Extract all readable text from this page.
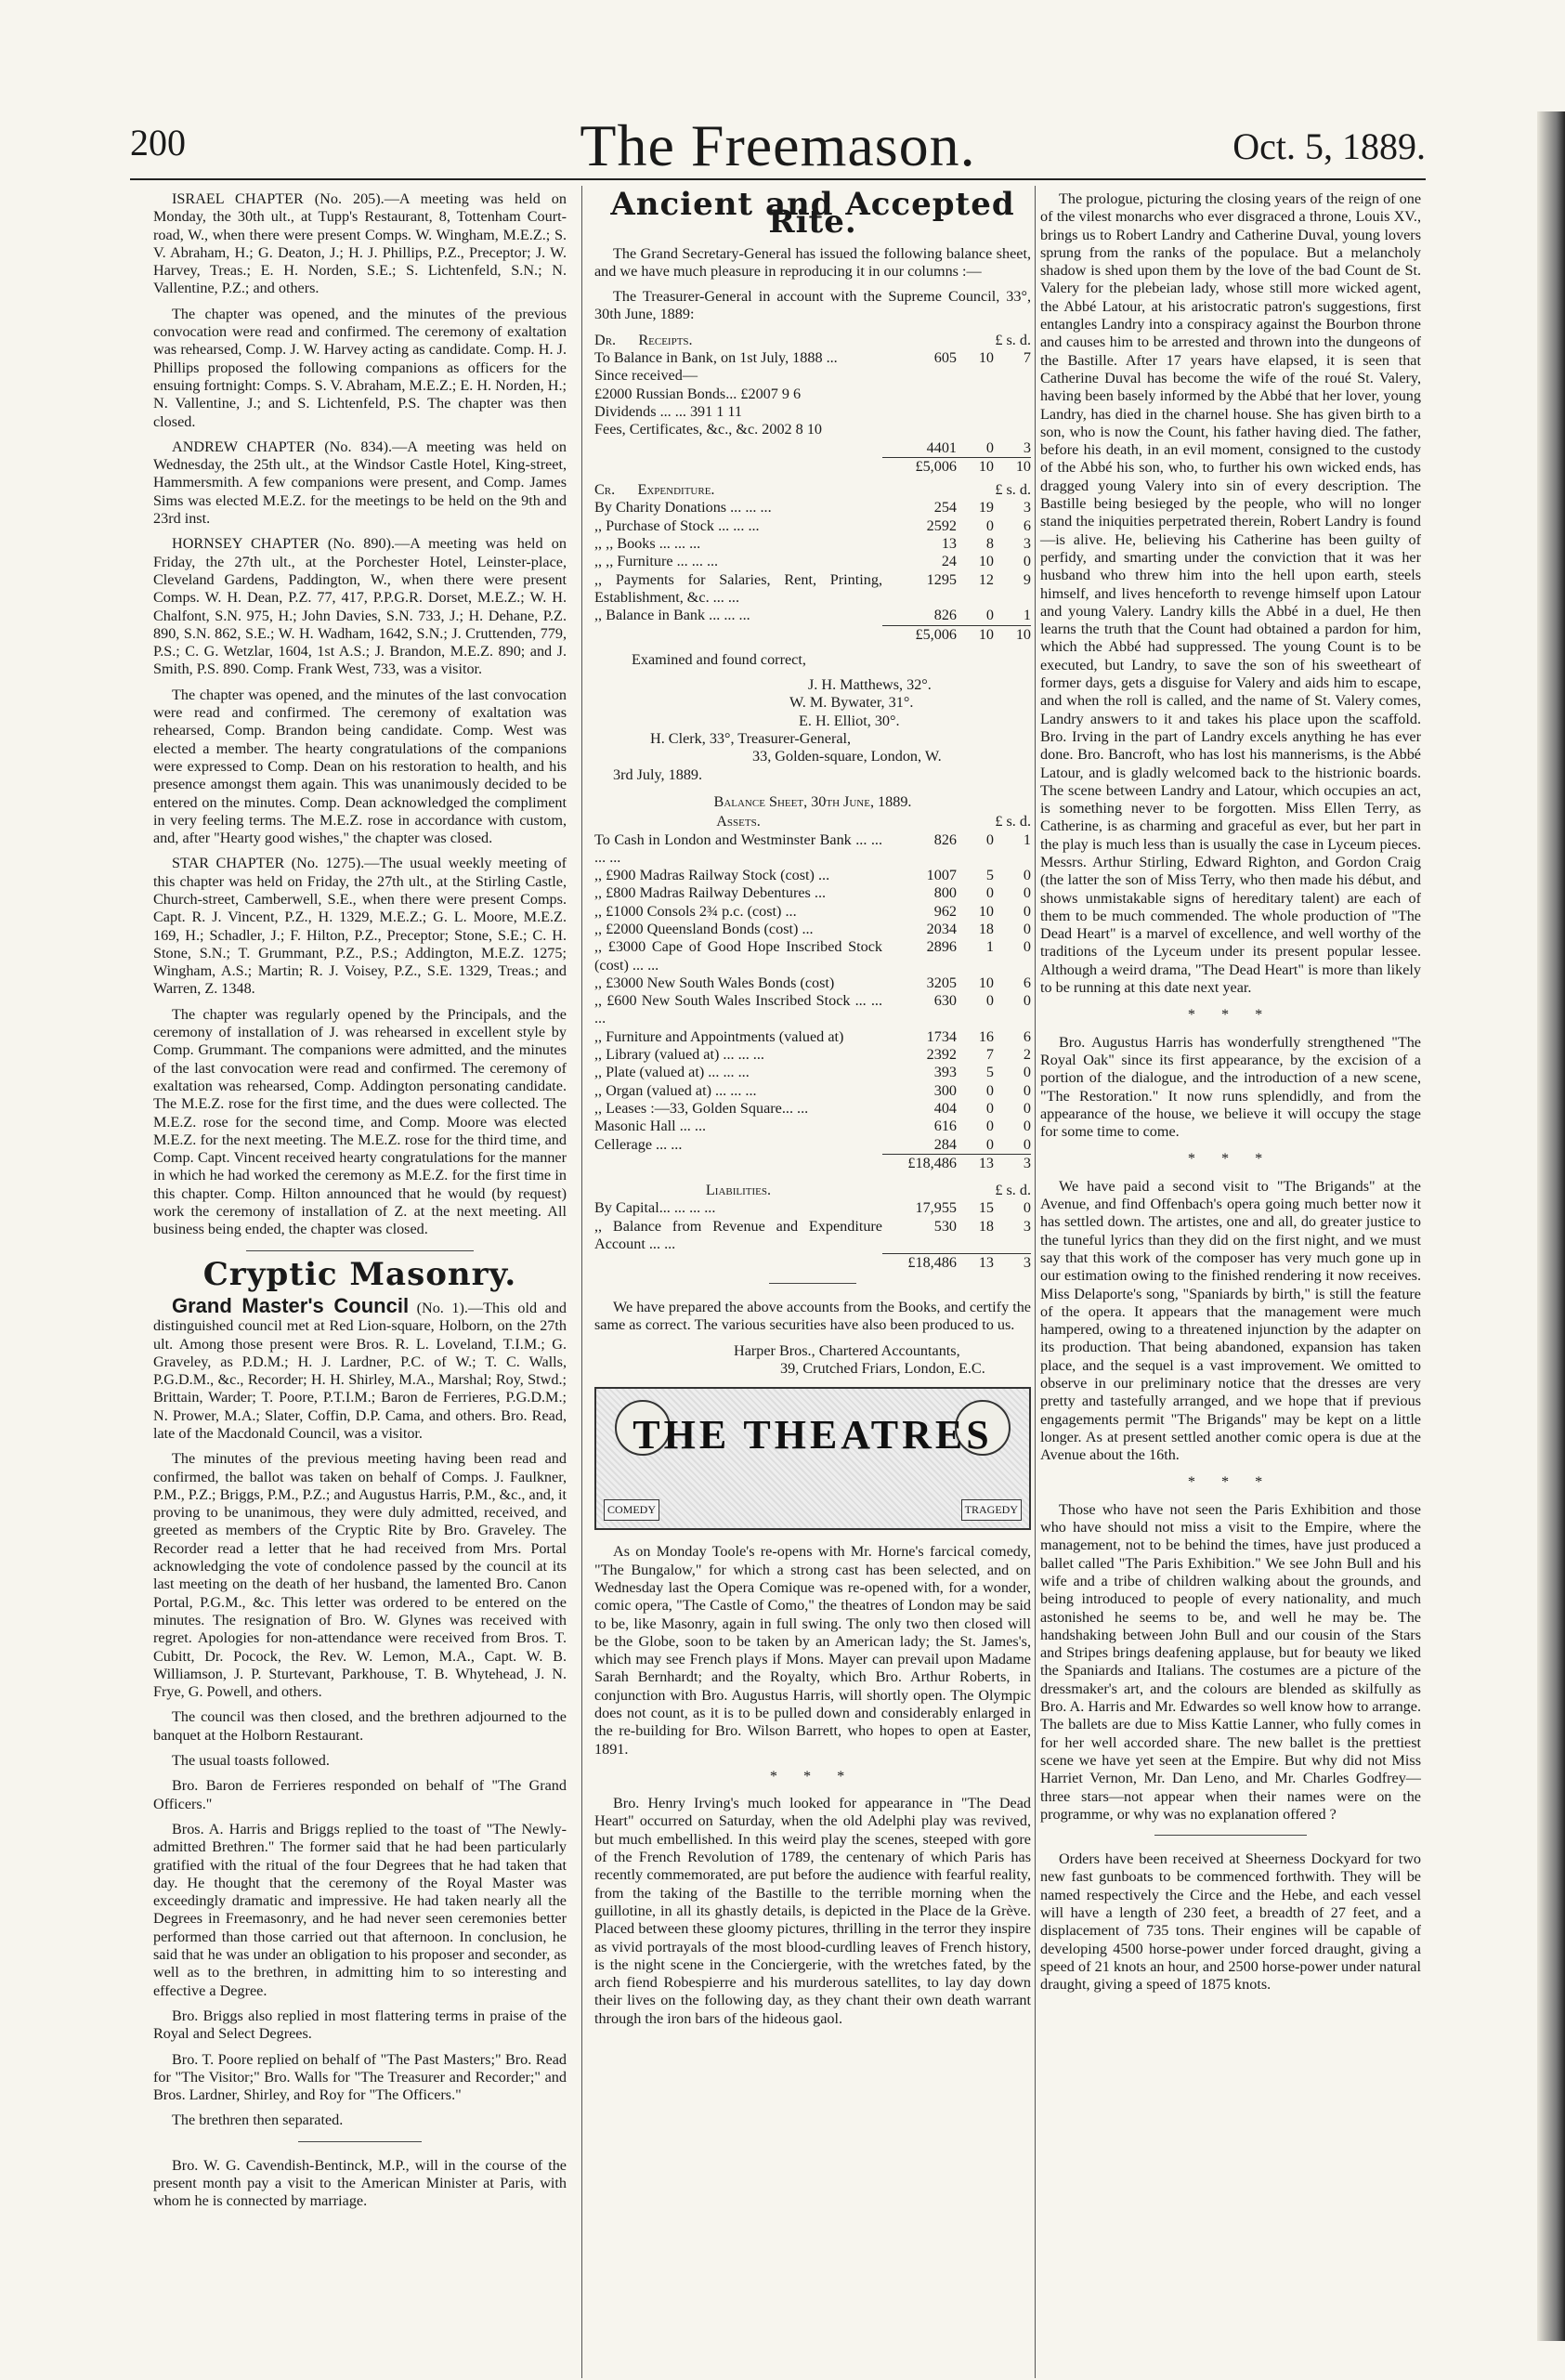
200	The Freemason.	Oct. 5, 1889.

ISRAEL CHAPTER (No. 205).—A meeting was held on Monday, the 30th ult., at Tupp's Restaurant, 8, Tottenham Court-road, W., when there were present Comps. W. Wingham, M.E.Z.; S. V. Abraham, H.; G. Deaton, J.; H. J. Phillips, P.Z., Preceptor; J. W. Harvey, Treas.; E. H. Norden, S.E.; S. Lichtenfeld, S.N.; N. Vallentine, P.Z.; and others.

The chapter was opened, and the minutes of the previous convocation were read and confirmed. The ceremony of exaltation was rehearsed, Comp. J. W. Harvey acting as candidate. Comp. H. J. Phillips proposed the following companions as officers for the ensuing fortnight: Comps. S. V. Abraham, M.E.Z.; E. H. Norden, H.; N. Vallentine, J.; and S. Lichtenfeld, P.S. The chapter was then closed.

ANDREW CHAPTER (No. 834).—A meeting was held on Wednesday, the 25th ult., at the Windsor Castle Hotel, King-street, Hammersmith. A few companions were present, and Comp. James Sims was elected M.E.Z. for the meetings to be held on the 9th and 23rd inst.

HORNSEY CHAPTER (No. 890).—A meeting was held on Friday, the 27th ult., at the Porchester Hotel, Leinster-place, Cleveland Gardens, Paddington, W., when there were present Comps. W. H. Dean, P.Z. 77, 417, P.P.G.R. Dorset, M.E.Z.; W. H. Chalfont, S.N. 975, H.; John Davies, S.N. 733, J.; H. Dehane, P.Z. 890, S.N. 862, S.E.; W. H. Wadham, 1642, S.N.; J. Cruttenden, 779, P.S.; C. G. Wetzlar, 1604, 1st A.S.; J. Brandon, M.E.Z. 890; and J. Smith, P.S. 890. Comp. Frank West, 733, was a visitor.

The chapter was opened, and the minutes of the last convocation were read and confirmed. The ceremony of exaltation was rehearsed, Comp. Brandon being candidate. Comp. West was elected a member. The hearty congratulations of the companions were expressed to Comp. Dean on his restoration to health, and his presence amongst them again. This was unanimously decided to be entered on the minutes. Comp. Dean acknowledged the compliment in very feeling terms. The M.E.Z. rose in accordance with custom, and, after "Hearty good wishes," the chapter was closed.

STAR CHAPTER (No. 1275).—The usual weekly meeting of this chapter was held on Friday, the 27th ult., at the Stirling Castle, Church-street, Camberwell, S.E., when there were present Comps. Capt. R. J. Vincent, P.Z., H. 1329, M.E.Z.; G. L. Moore, M.E.Z. 169, H.; Schadler, J.; F. Hilton, P.Z., Preceptor; Stone, S.E.; C. H. Stone, S.N.; T. Grummant, P.Z., P.S.; Addington, M.E.Z. 1275; Wingham, A.S.; Martin; R. J. Voisey, P.Z., S.E. 1329, Treas.; and Warren, Z. 1348.

The chapter was regularly opened by the Principals, and the ceremony of installation of J. was rehearsed in excellent style by Comp. Grummant. The companions were admitted, and the minutes of the last convocation were read and confirmed. The ceremony of exaltation was rehearsed, Comp. Addington personating candidate. The M.E.Z. rose for the first time, and the dues were collected. The M.E.Z. rose for the second time, and Comp. Moore was elected M.E.Z. for the next meeting. The M.E.Z. rose for the third time, and Comp. Capt. Vincent received hearty congratulations for the manner in which he had worked the ceremony as M.E.Z. for the first time in this chapter. Comp. Hilton announced that he would (by request) work the ceremony of installation of Z. at the next meeting. All business being ended, the chapter was closed.

Cryptic Masonry.

Grand Master's Council (No. 1).—This old and distinguished council met at Red Lion-square, Holborn, on the 27th ult. Among those present were Bros. R. L. Loveland, T.I.M.; G. Graveley, as P.D.M.; H. J. Lardner, P.C. of W.; T. C. Walls, P.G.D.M., &c., Recorder; H. H. Shirley, M.A., Marshal; Roy, Stwd.; Brittain, Warder; T. Poore, P.T.I.M.; Baron de Ferrieres, P.G.D.M.; N. Prower, M.A.; Slater, Coffin, D.P. Cama, and others. Bro. Read, late of the Macdonald Council, was a visitor.

The minutes of the previous meeting having been read and confirmed, the ballot was taken on behalf of Comps. J. Faulkner, P.M., P.Z.; Briggs, P.M., P.Z.; and Augustus Harris, P.M., &c., and, it proving to be unanimous, they were duly admitted, received, and greeted as members of the Cryptic Rite by Bro. Graveley. The Recorder read a letter that he had received from Mrs. Portal acknowledging the vote of condolence passed by the council at its last meeting on the death of her husband, the lamented Bro. Canon Portal, P.G.M., &c. This letter was ordered to be entered on the minutes. The resignation of Bro. W. Glynes was received with regret. Apologies for non-attendance were received from Bros. T. Cubitt, Dr. Pocock, the Rev. W. Lemon, M.A., Capt. W. B. Williamson, J. P. Sturtevant, Parkhouse, T. B. Whytehead, J. N. Frye, G. Powell, and others.

The council was then closed, and the brethren adjourned to the banquet at the Holborn Restaurant.

The usual toasts followed.

Bro. Baron de Ferrieres responded on behalf of "The Grand Officers."

Bros. A. Harris and Briggs replied to the toast of "The Newly-admitted Brethren." The former said that he had been particularly gratified with the ritual of the four Degrees that he had taken that day. He thought that the ceremony of the Royal Master was exceedingly dramatic and impressive. He had taken nearly all the Degrees in Freemasonry, and he had never seen ceremonies better performed than those carried out that afternoon. In conclusion, he said that he was under an obligation to his proposer and seconder, as well as to the brethren, in admitting him to so interesting and effective a Degree.

Bro. Briggs also replied in most flattering terms in praise of the Royal and Select Degrees.

Bro. T. Poore replied on behalf of "The Past Masters;" Bro. Read for "The Visitor;" Bro. Walls for "The Treasurer and Recorder;" and Bros. Lardner, Shirley, and Roy for "The Officers."

The brethren then separated.

Bro. W. G. Cavendish-Bentinck, M.P., will in the course of the present month pay a visit to the American Minister at Paris, with whom he is connected by marriage.

Ancient and Accepted Rite.

The Grand Secretary-General has issued the following balance sheet, and we have much pleasure in reproducing it in our columns :—

The Treasurer-General in account with the Supreme Council, 33°, 30th June, 1889:

Dr. Receipts.	£ s. d.		
To Balance in Bank, on 1st July, 1888 ...	605	10	7
Since received—			
£2000 Russian Bonds... £2007 9 6			
Dividends ... ... 391 1 11			
Fees, Certificates, &c., &c. 2002 8 10			
	4401	0	3
	£5,006	10	10
Cr. Expenditure.	£ s. d.		
By Charity Donations ... ... ...	254	19	3
,, Purchase of Stock ... ... ...	2592	0	6
,, ,, Books ... ... ...	13	8	3
,, ,, Furniture ... ... ...	24	10	0
,, Payments for Salaries, Rent, Printing, Establishment, &c. ... ...	1295	12	9
,, Balance in Bank ... ... ...	826	0	1
	£5,006	10	10

Examined and found correct,

J. H. Matthews, 32°.

W. M. Bywater, 31°.

E. H. Elliot, 30°.

H. Clerk, 33°, Treasurer-General,

33, Golden-square, London, W.

3rd July, 1889.

Balance Sheet, 30th June, 1889.

Assets.	£ s. d.		
To Cash in London and Westminster Bank ... ... ... ...	826	0	1
,, £900 Madras Railway Stock (cost) ...	1007	5	0
,, £800 Madras Railway Debentures ...	800	0	0
,, £1000 Consols 2¾ p.c. (cost) ...	962	10	0
,, £2000 Queensland Bonds (cost) ...	2034	18	0
,, £3000 Cape of Good Hope Inscribed Stock (cost) ... ...	2896	1	0
,, £3000 New South Wales Bonds (cost)	3205	10	6
,, £600 New South Wales Inscribed Stock ... ... ...	630	0	0
,, Furniture and Appointments (valued at)	1734	16	6
,, Library (valued at) ... ... ...	2392	7	2
,, Plate (valued at) ... ... ...	393	5	0
,, Organ (valued at) ... ... ...	300	0	0
,, Leases :—33, Golden Square... ...	404	0	0
Masonic Hall ... ...	616	0	0
Cellerage ... ...	284	0	0
	£18,486	13	3
Liabilities.	£ s. d.		
By Capital... ... ... ...	17,955	15	0
,, Balance from Revenue and Expenditure Account ... ...	530	18	3
	£18,486	13	3

We have prepared the above accounts from the Books, and certify the same as correct. The various securities have also been produced to us.

Harper Bros., Chartered Accountants,

39, Crutched Friars, London, E.C.

THE THEATRES
COMEDY	TRAGEDY

As on Monday Toole's re-opens with Mr. Horne's farcical comedy, "The Bungalow," for which a strong cast has been selected, and on Wednesday last the Opera Comique was re-opened with, for a wonder, comic opera, "The Castle of Como," the theatres of London may be said to be, like Masonry, again in full swing. The only two then closed will be the Globe, soon to be taken by an American lady; the St. James's, which may see French plays if Mons. Mayer can prevail upon Madame Sarah Bernhardt; and the Royalty, which Bro. Arthur Roberts, in conjunction with Bro. Augustus Harris, will shortly open. The Olympic does not count, as it is to be pulled down and considerably enlarged in the re-building for Bro. Wilson Barrett, who hopes to open at Easter, 1891.

* * *

Bro. Henry Irving's much looked for appearance in "The Dead Heart" occurred on Saturday, when the old Adelphi play was revived, but much embellished. In this weird play the scenes, steeped with gore of the French Revolution of 1789, the centenary of which Paris has recently commemorated, are put before the audience with fearful reality, from the taking of the Bastille to the terrible morning when the guillotine, in all its ghastly details, is depicted in the Place de la Grève. Placed between these gloomy pictures, thrilling in the terror they inspire as vivid portrayals of the most blood-curdling leaves of French history, is the night scene in the Conciergerie, with the wretches fated, by the arch fiend Robespierre and his murderous satellites, to lay day down their lives on the following day, as they chant their own death warrant through the iron bars of the hideous gaol.

The prologue, picturing the closing years of the reign of one of the vilest monarchs who ever disgraced a throne, Louis XV., brings us to Robert Landry and Catherine Duval, young lovers sprung from the ranks of the populace. But a melancholy shadow is shed upon them by the love of the bad Count de St. Valery for the plebeian lady, whose still more wicked agent, the Abbé Latour, at his aristocratic patron's suggestions, first entangles Landry into a conspiracy against the Bourbon throne and causes him to be arrested and thrown into the dungeons of the Bastille. After 17 years have elapsed, it is seen that Catherine Duval has become the wife of the roué St. Valery, having been basely informed by the Abbé that her lover, young Landry, has died in the charnel house. She has given birth to a son, who is now the Count, his father having died. The father, before his death, in an evil moment, consigned to the custody of the Abbé his son, who, to further his own wicked ends, has dragged young Valery into sin of every description. The Bastille being besieged by the people, who will no longer stand the iniquities perpetrated therein, Robert Landry is found—is alive. He, believing his Catherine has been guilty of perfidy, and smarting under the conviction that it was her husband who threw him into the hell upon earth, steels himself, and lives henceforth to revenge himself upon Latour and young Valery. Landry kills the Abbé in a duel, He then learns the truth that the Count had obtained a pardon for him, which the Abbé had suppressed. The young Count is to be executed, but Landry, to save the son of his sweetheart of former days, gets a disguise for Valery and aids him to escape, and when the roll is called, and the name of St. Valery comes, Landry answers to it and takes his place upon the scaffold. Bro. Irving in the part of Landry excels anything he has ever done. Bro. Bancroft, who has lost his mannerisms, is the Abbé Latour, and is gladly welcomed back to the histrionic boards. The scene between Landry and Latour, which occupies an act, is something never to be forgotten. Miss Ellen Terry, as Catherine, is as charming and graceful as ever, but her part in the play is much less than is usually the case in Lyceum pieces. Messrs. Arthur Stirling, Edward Righton, and Gordon Craig (the latter the son of Miss Terry, who then made his début, and shows unmistakable signs of hereditary talent) are each of them to be much commended. The whole production of "The Dead Heart" is a marvel of excellence, and well worthy of the traditions of the Lyceum under its present popular lessee. Although a weird drama, "The Dead Heart" is more than likely to be running at this date next year.

* * *

Bro. Augustus Harris has wonderfully strengthened "The Royal Oak" since its first appearance, by the excision of a portion of the dialogue, and the introduction of a new scene, "The Restoration." It now runs splendidly, and from the appearance of the house, we believe it will occupy the stage for some time to come.

* * *

We have paid a second visit to "The Brigands" at the Avenue, and find Offenbach's opera going much better now it has settled down. The artistes, one and all, do greater justice to the tuneful lyrics than they did on the first night, and we must say that this work of the composer has very much gone up in our estimation owing to the finished rendering it now receives. Miss Delaporte's song, "Spaniards by birth," is still the feature of the opera. It appears that the management were much hampered, owing to a threatened injunction by the adapter on its production. That being abandoned, expansion has taken place, and the sequel is a vast improvement. We omitted to observe in our preliminary notice that the dresses are very pretty and tastefully arranged, and we hope that if previous engagements permit "The Brigands" may be kept on a little longer. As at present settled another comic opera is due at the Avenue about the 16th.

* * *

Those who have not seen the Paris Exhibition and those who have should not miss a visit to the Empire, where the management, not to be behind the times, have just produced a ballet called "The Paris Exhibition." We see John Bull and his wife and a tribe of children walking about the grounds, and being introduced to people of every nationality, and much astonished he seems to be, and well he may be. The handshaking between John Bull and our cousin of the Stars and Stripes brings deafening applause, but for beauty we liked the Spaniards and Italians. The costumes are a picture of the dressmaker's art, and the colours are blended as skilfully as Bro. A. Harris and Mr. Edwardes so well know how to arrange. The ballets are due to Miss Kattie Lanner, who fully comes in for her well accorded share. The new ballet is the prettiest scene we have yet seen at the Empire. But why did not Miss Harriet Vernon, Mr. Dan Leno, and Mr. Charles Godfrey—three stars—not appear when their names were on the programme, or why was no explanation offered ?

Orders have been received at Sheerness Dockyard for two new fast gunboats to be commenced forthwith. They will be named respectively the Circe and the Hebe, and each vessel will have a length of 230 feet, a breadth of 27 feet, and a displacement of 735 tons. Their engines will be capable of developing 4500 horse-power under forced draught, giving a speed of 21 knots an hour, and 2500 horse-power under natural draught, giving a speed of 1875 knots.
